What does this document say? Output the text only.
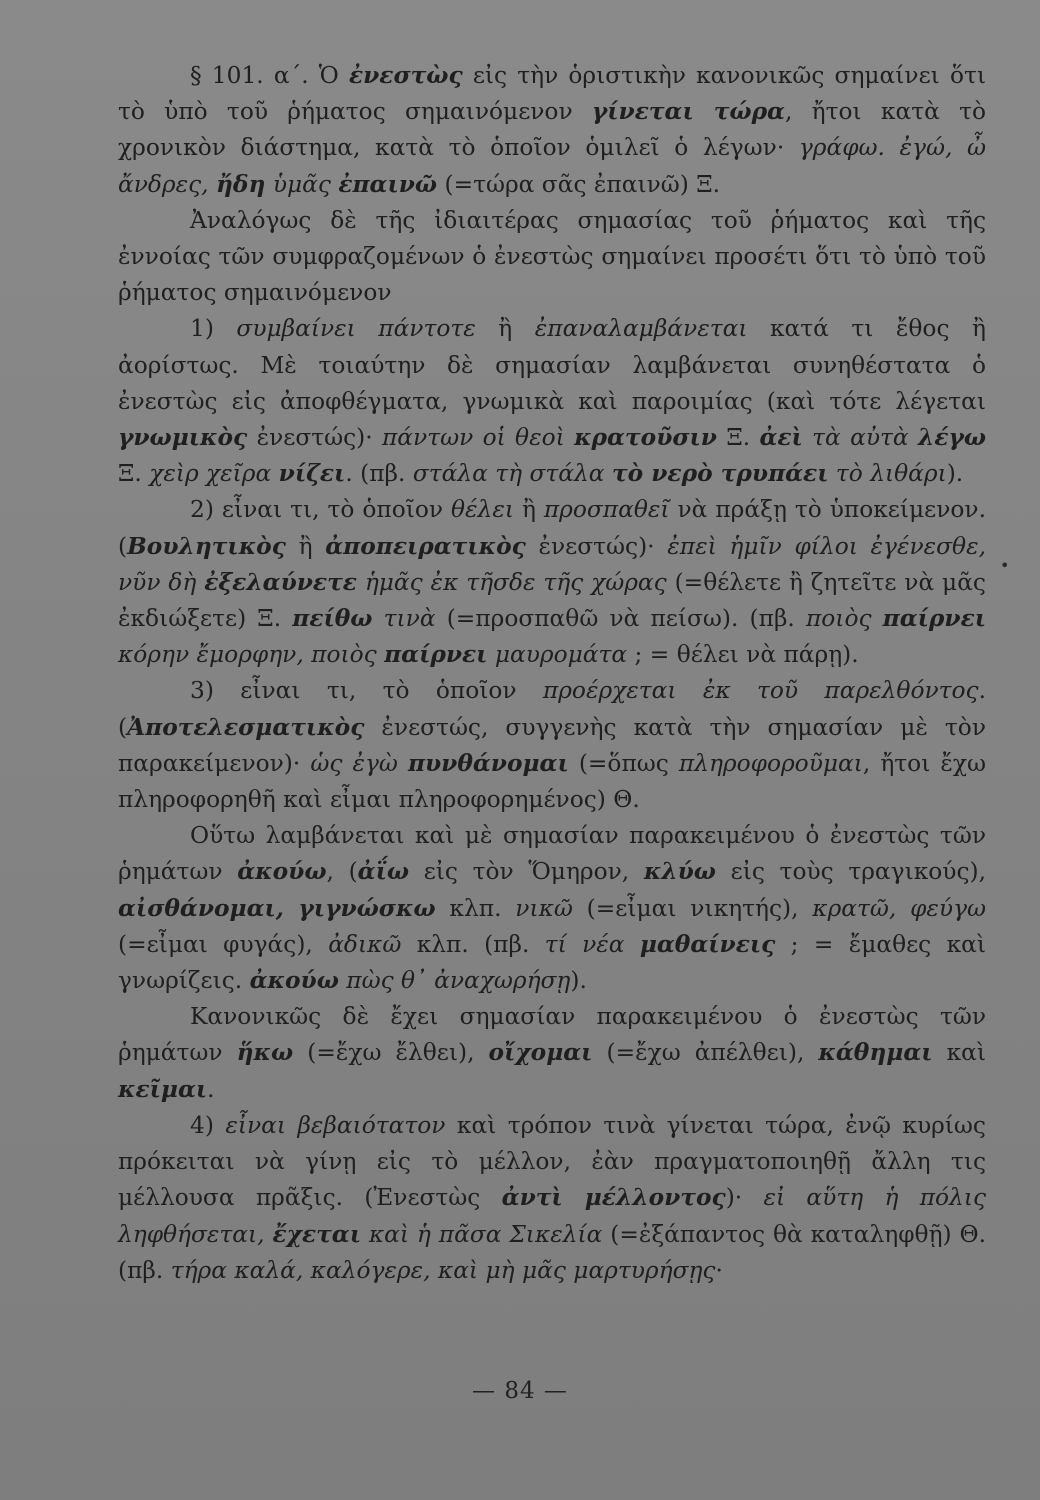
§ 101. α΄. Ὁ ἐνεστὼς εἰς τὴν ὁριστικὴν κανονικῶς σημαίνει ὅτι τὸ ὑπὸ τοῦ ῥήματος σημαινόμενον γίνεται τώρα, ἤτοι κατὰ τὸ χρονικὸν διάστημα, κατὰ τὸ ὁποῖον ὁμιλεῖ ὁ λέγων· γράφω. ἐγώ, ὦ ἄνδρες, ἤδη ὑμᾶς ἐπαινῶ (=τώρα σᾶς ἐπαινῶ) Ξ.

Ἀναλόγως δὲ τῆς ἰδιαιτέρας σημασίας τοῦ ῥήματος καὶ τῆς ἐννοίας τῶν συμφραζομένων ὁ ἐνεστὼς σημαίνει προσέτι ὅτι τὸ ὑπὸ τοῦ ῥήματος σημαινόμενον

1) συμβαίνει πάντοτε ἢ ἐπαναλαμβάνεται κατά τι ἔθος ἢ ἀορίστως. Μὲ τοιαύτην δὲ σημασίαν λαμβάνεται συνηθέστατα ὁ ἐνεστὼς εἰς ἀποφθέγματα, γνωμικὰ καὶ παροιμίας (καὶ τότε λέγεται γνωμικὸς ἐνεστώς)· πάντων οἱ θεοὶ κρατοῦσιν Ξ. ἀεὶ τὰ αὐτὰ λέγω Ξ. χεὶρ χεῖρα νίζει. (πβ. στάλα τὴ στάλα τὸ νερὸ τρυπάει τὸ λιθάρι).

2) εἶναι τι, τὸ ὁποῖον θέλει ἢ προσπαθεῖ νὰ πράξῃ τὸ ὑποκείμενον. (Βουλητικὸς ἢ ἀποπειρατικὸς ἐνεστώς)· ἐπεὶ ἡμῖν φίλοι ἐγένεσθε, νῦν δὴ ἐξελαύνετε ἡμᾶς ἐκ τῆσδε τῆς χώρας (=θέλετε ἢ ζητεῖτε νὰ μᾶς ἐκδιώξετε) Ξ. πείθω τινὰ (=προσπαθῶ νὰ πείσω). (πβ. ποιὸς παίρνει κόρην ἔμορφην, ποιὸς παίρνει μαυρομάτα ; = θέλει νὰ πάρῃ).

3) εἶναι τι, τὸ ὁποῖον προέρχεται ἐκ τοῦ παρελθόντος. (Ἀποτελεσματικὸς ἐνεστώς, συγγενὴς κατὰ τὴν σημασίαν μὲ τὸν παρακείμενον)· ὡς ἐγὼ πυνθάνομαι (=ὅπως πληροφοροῦμαι, ἤτοι ἔχω πληροφορηθῆ καὶ εἶμαι πληροφορημένος) Θ.

Οὕτω λαμβάνεται καὶ μὲ σημασίαν παρακειμένου ὁ ἐνεστὼς τῶν ῥημάτων ἀκούω, (ἀΐω εἰς τὸν Ὅμηρον, κλύω εἰς τοὺς τραγικούς), αἰσθάνομαι, γιγνώσκω κλπ. νικῶ (=εἶμαι νικητής), κρατῶ, φεύγω (=εἶμαι φυγάς), ἀδικῶ κλπ. (πβ. τί νέα μαθαίνεις ; = ἔμαθες καὶ γνωρίζεις. ἀκούω πὼς θ᾽ ἀναχωρήσῃ).

Κανονικῶς δὲ ἔχει σημασίαν παρακειμένου ὁ ἐνεστὼς τῶν ῥημάτων ἥκω (=ἔχω ἔλθει), οἴχομαι (=ἔχω ἀπέλθει), κάθημαι καὶ κεῖμαι.

4) εἶναι βεβαιότατον καὶ τρόπον τινὰ γίνεται τώρα, ἐνῷ κυρίως πρόκειται νὰ γίνῃ εἰς τὸ μέλλον, ἐὰν πραγματοποιηθῇ ἄλλη τις μέλλουσα πρᾶξις. (Ἐνεστὼς ἀντὶ μέλλοντος)· εἰ αὕτη ἡ πόλις ληφθήσεται, ἔχεται καὶ ἡ πᾶσα Σικελία (=ἐξάπαντος θὰ καταληφθῇ) Θ. (πβ. τήρα καλά, καλόγερε, καὶ μὴ μᾶς μαρτυρήσῃς·

•
— 84 —
